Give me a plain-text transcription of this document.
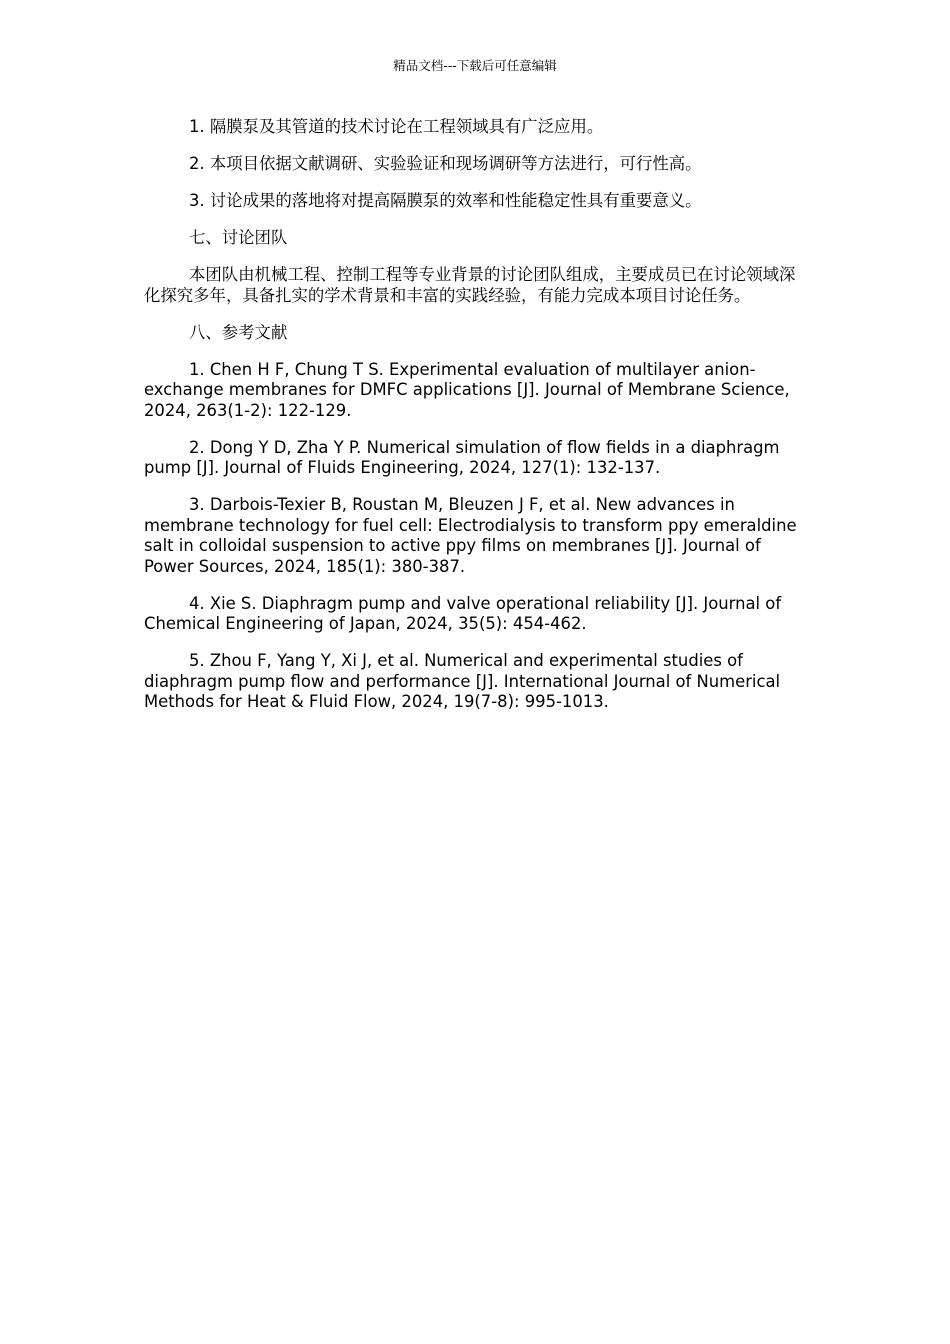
精品文档---下载后可任意编辑

1. 隔膜泵及其管道的技术讨论在工程领域具有广泛应用。

2. 本项目依据文献调研、实验验证和现场调研等方法进行，可行性高。

3. 讨论成果的落地将对提高隔膜泵的效率和性能稳定性具有重要意义。

七、讨论团队

本团队由机械工程、控制工程等专业背景的讨论团队组成，主要成员已在讨论领域深化探究多年，具备扎实的学术背景和丰富的实践经验，有能力完成本项目讨论任务。

八、参考文献

1. Chen H F, Chung T S. Experimental evaluation of multilayer anion-exchange membranes for DMFC applications [J]. Journal of Membrane Science, 2024, 263(1-2): 122-129.

2. Dong Y D, Zha Y P. Numerical simulation of flow fields in a diaphragm pump [J]. Journal of Fluids Engineering, 2024, 127(1): 132-137.

3. Darbois-Texier B, Roustan M, Bleuzen J F, et al. New advances in membrane technology for fuel cell: Electrodialysis to transform ppy emeraldine salt in colloidal suspension to active ppy films on membranes [J]. Journal of Power Sources, 2024, 185(1): 380-387.

4. Xie S. Diaphragm pump and valve operational reliability [J]. Journal of Chemical Engineering of Japan, 2024, 35(5): 454-462.

5. Zhou F, Yang Y, Xi J, et al. Numerical and experimental studies of diaphragm pump flow and performance [J]. International Journal of Numerical Methods for Heat & Fluid Flow, 2024, 19(7-8): 995-1013.
